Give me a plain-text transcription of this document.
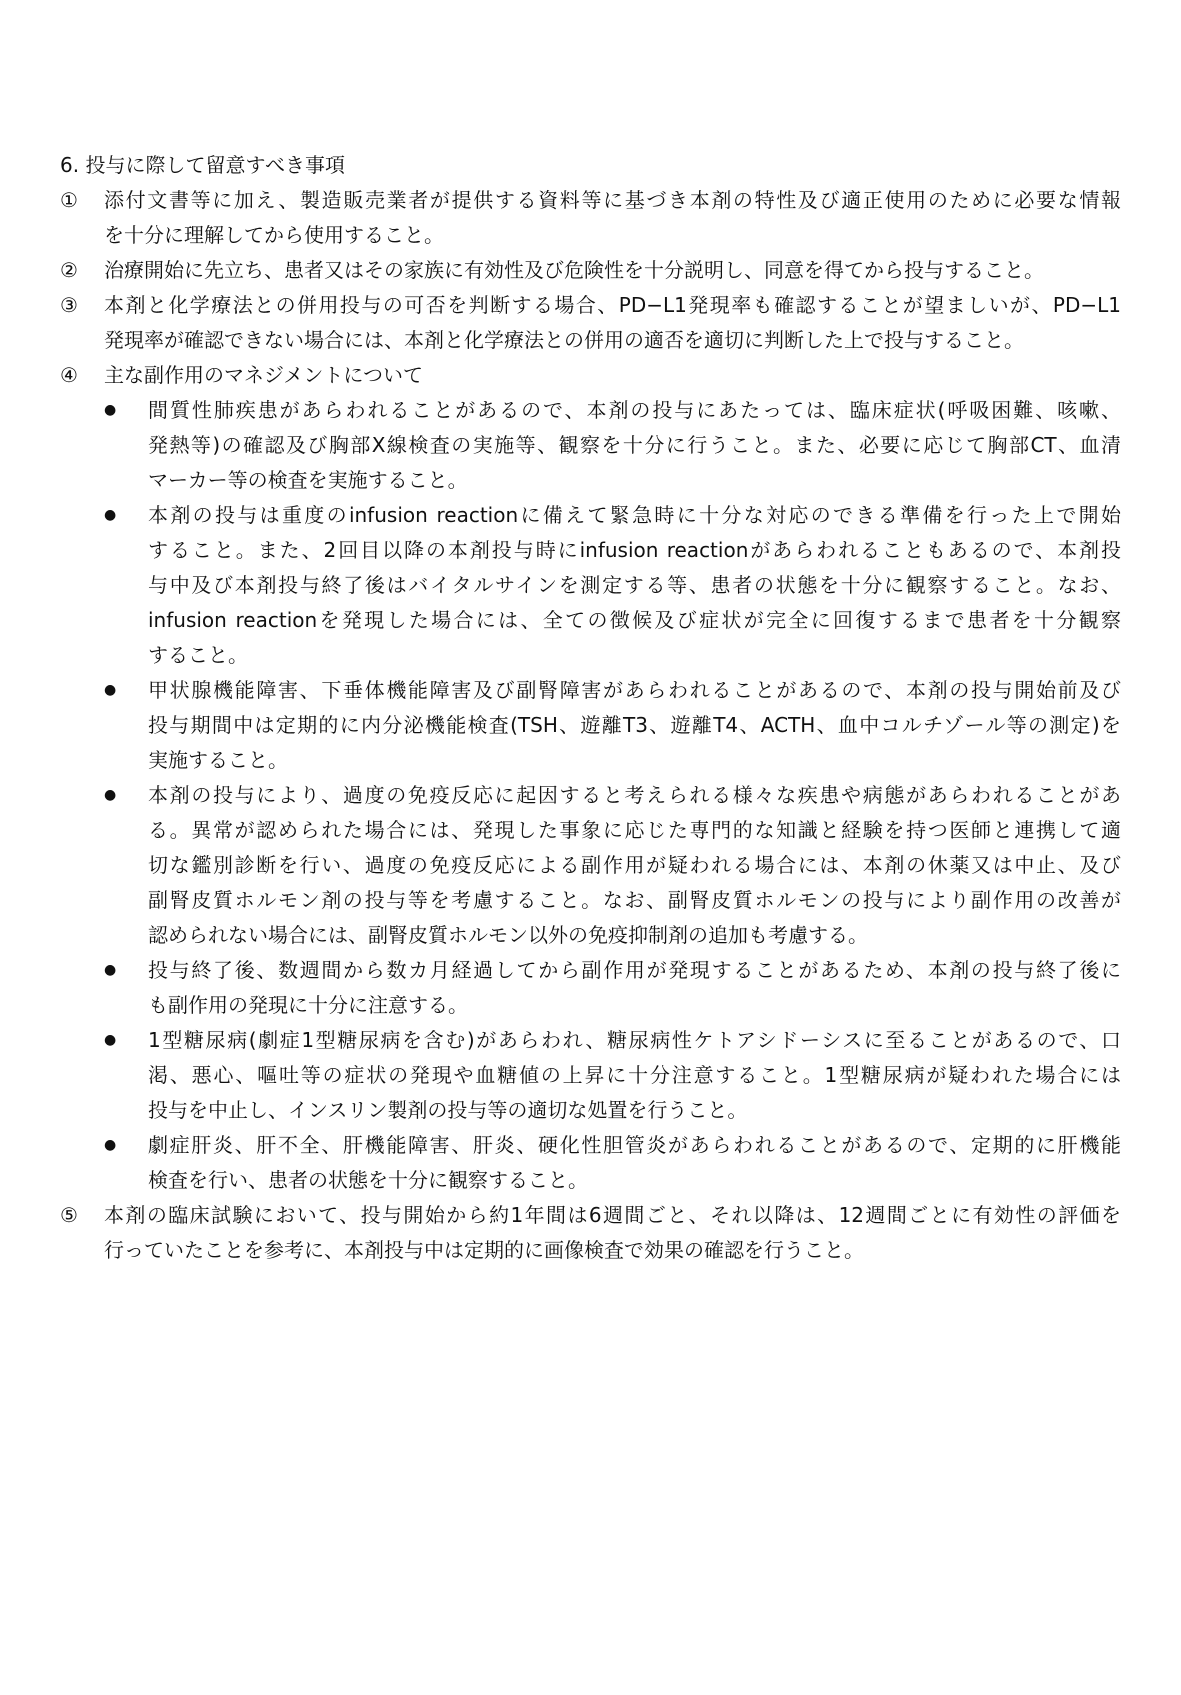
6. 投与に際して留意すべき事項
① 添付文書等に加え、製造販売業者が提供する資料等に基づき本剤の特性及び適正使用のために必要な情報
を十分に理解してから使用すること。
② 治療開始に先立ち、患者又はその家族に有効性及び危険性を十分説明し、同意を得てから投与すること。
③ 本剤と化学療法との併用投与の可否を判断する場合、PD−L1発現率も確認することが望ましいが、PD−L1
発現率が確認できない場合には、本剤と化学療法との併用の適否を適切に判断した上で投与すること。
④ 主な副作用のマネジメントについて
● 間質性肺疾患があらわれることがあるので、本剤の投与にあたっては、臨床症状(呼吸困難、咳嗽、
発熱等)の確認及び胸部X線検査の実施等、観察を十分に行うこと。また、必要に応じて胸部CT、血清
マーカー等の検査を実施すること。
● 本剤の投与は重度のinfusion reactionに備えて緊急時に十分な対応のできる準備を行った上で開始
すること。また、2回目以降の本剤投与時にinfusion reactionがあらわれることもあるので、本剤投
与中及び本剤投与終了後はバイタルサインを測定する等、患者の状態を十分に観察すること。なお、
infusion reactionを発現した場合には、全ての徴候及び症状が完全に回復するまで患者を十分観察
すること。
● 甲状腺機能障害、下垂体機能障害及び副腎障害があらわれることがあるので、本剤の投与開始前及び
投与期間中は定期的に内分泌機能検査(TSH、遊離T3、遊離T4、ACTH、血中コルチゾール等の測定)を
実施すること。
● 本剤の投与により、過度の免疫反応に起因すると考えられる様々な疾患や病態があらわれることがあ
る。異常が認められた場合には、発現した事象に応じた専門的な知識と経験を持つ医師と連携して適
切な鑑別診断を行い、過度の免疫反応による副作用が疑われる場合には、本剤の休薬又は中止、及び
副腎皮質ホルモン剤の投与等を考慮すること。なお、副腎皮質ホルモンの投与により副作用の改善が
認められない場合には、副腎皮質ホルモン以外の免疫抑制剤の追加も考慮する。
● 投与終了後、数週間から数カ月経過してから副作用が発現することがあるため、本剤の投与終了後に
も副作用の発現に十分に注意する。
● 1型糖尿病(劇症1型糖尿病を含む)があらわれ、糖尿病性ケトアシドーシスに至ることがあるので、口
渇、悪心、嘔吐等の症状の発現や血糖値の上昇に十分注意すること。1型糖尿病が疑われた場合には
投与を中止し、インスリン製剤の投与等の適切な処置を行うこと。
● 劇症肝炎、肝不全、肝機能障害、肝炎、硬化性胆管炎があらわれることがあるので、定期的に肝機能
検査を行い、患者の状態を十分に観察すること。
⑤ 本剤の臨床試験において、投与開始から約1年間は6週間ごと、それ以降は、12週間ごとに有効性の評価を
行っていたことを参考に、本剤投与中は定期的に画像検査で効果の確認を行うこと。
